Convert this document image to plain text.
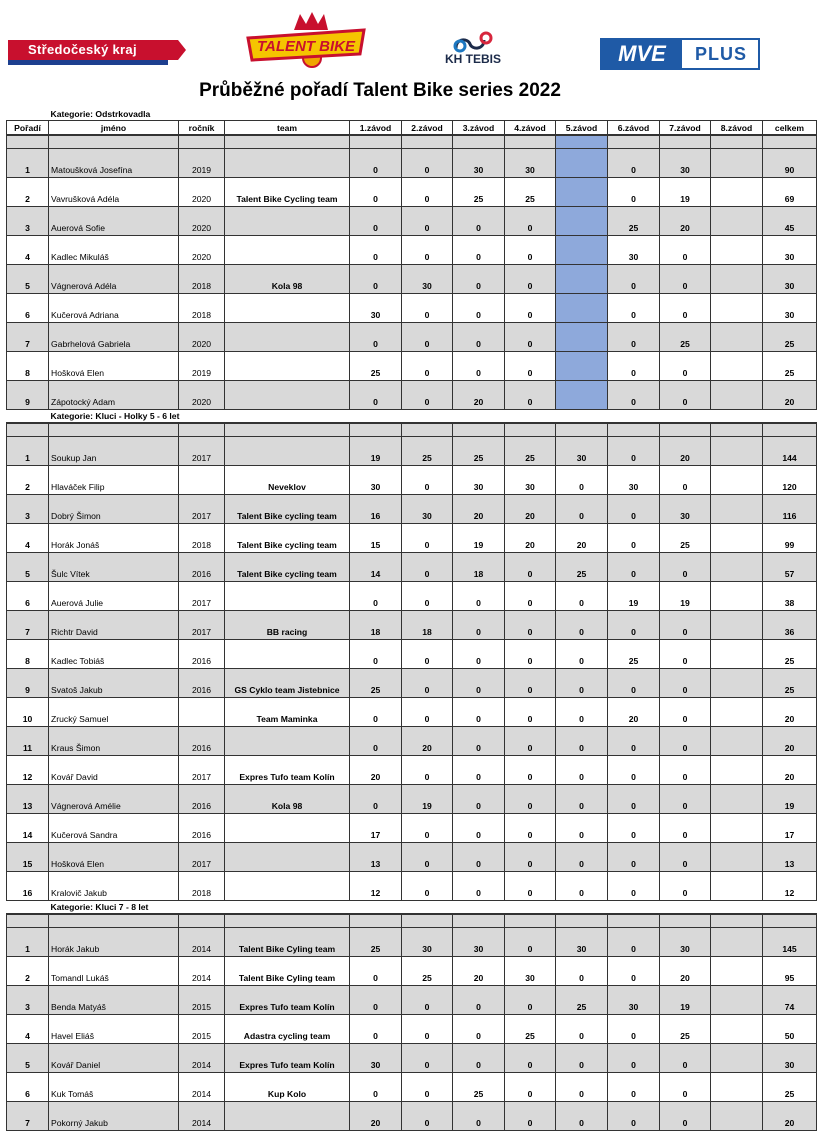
Středočeský kraj	TALENT BIKE
KH TEBIS	MVE	PLUS
Průběžné pořadí Talent Bike series 2022
Kategorie: Odstrkovadla												
Pořadí	jméno	ročník	team	1.závod	2.závod	3.závod	4.závod	5.závod	6.závod	7.závod	8.závod	celkem

1	Matoušková Josefína	2019		0	0	30	30		0	30		90
2	Vavrušková Adéla	2020	Talent Bike Cycling team	0	0	25	25		0	19		69
3	Auerová Sofie	2020		0	0	0	0		25	20		45
4	Kadlec Mikuláš	2020		0	0	0	0		30	0		30
5	Vágnerová Adéla	2018	Kola 98	0	30	0	0		0	0		30
6	Kučerová Adriana	2018		30	0	0	0		0	0		30
7	Gabrhelová Gabriela	2020		0	0	0	0		0	25		25
8	Hošková Elen	2019		25	0	0	0		0	0		25
9	Zápotocký Adam	2020		0	0	20	0		0	0		20
Kategorie: Kluci - Holky 5 - 6 let												

1	Soukup Jan	2017		19	25	25	25	30	0	20		144
2	Hlaváček Filip		Neveklov	30	0	30	30	0	30	0		120
3	Dobrý Šimon	2017	Talent Bike cycling team	16	30	20	20	0	0	30		116
4	Horák Jonáš	2018	Talent Bike cycling team	15	0	19	20	20	0	25		99
5	Šulc Vítek	2016	Talent Bike cycling team	14	0	18	0	25	0	0		57
6	Auerová Julie	2017		0	0	0	0	0	19	19		38
7	Richtr David	2017	BB racing	18	18	0	0	0	0	0		36
8	Kadlec Tobiáš	2016		0	0	0	0	0	25	0		25
9	Svatoš Jakub	2016	GS Cyklo team Jistebnice	25	0	0	0	0	0	0		25
10	Zrucký Samuel		Team Maminka	0	0	0	0	0	20	0		20
11	Kraus Šimon	2016		0	20	0	0	0	0	0		20
12	Kovář David	2017	Expres Tufo team Kolín	20	0	0	0	0	0	0		20
13	Vágnerová Amélie	2016	Kola 98	0	19	0	0	0	0	0		19
14	Kučerová Sandra	2016		17	0	0	0	0	0	0		17
15	Hošková Elen	2017		13	0	0	0	0	0	0		13
16	Kralovič Jakub	2018		12	0	0	0	0	0	0		12
Kategorie: Kluci 7 - 8 let												

1	Horák Jakub	2014	Talent Bike Cyling team	25	30	30	0	30	0	30		145
2	Tomandl Lukáš	2014	Talent Bike Cyling team	0	25	20	30	0	0	20		95
3	Benda Matyáš	2015	Expres Tufo team Kolín	0	0	0	0	25	30	19		74
4	Havel Eliáš	2015	Adastra cycling team	0	0	0	25	0	0	25		50
5	Kovář Daniel	2014	Expres Tufo team Kolín	30	0	0	0	0	0	0		30
6	Kuk Tomáš	2014	Kup Kolo	0	0	25	0	0	0	0		25
7	Pokorný Jakub	2014		20	0	0	0	0	0	0		20
